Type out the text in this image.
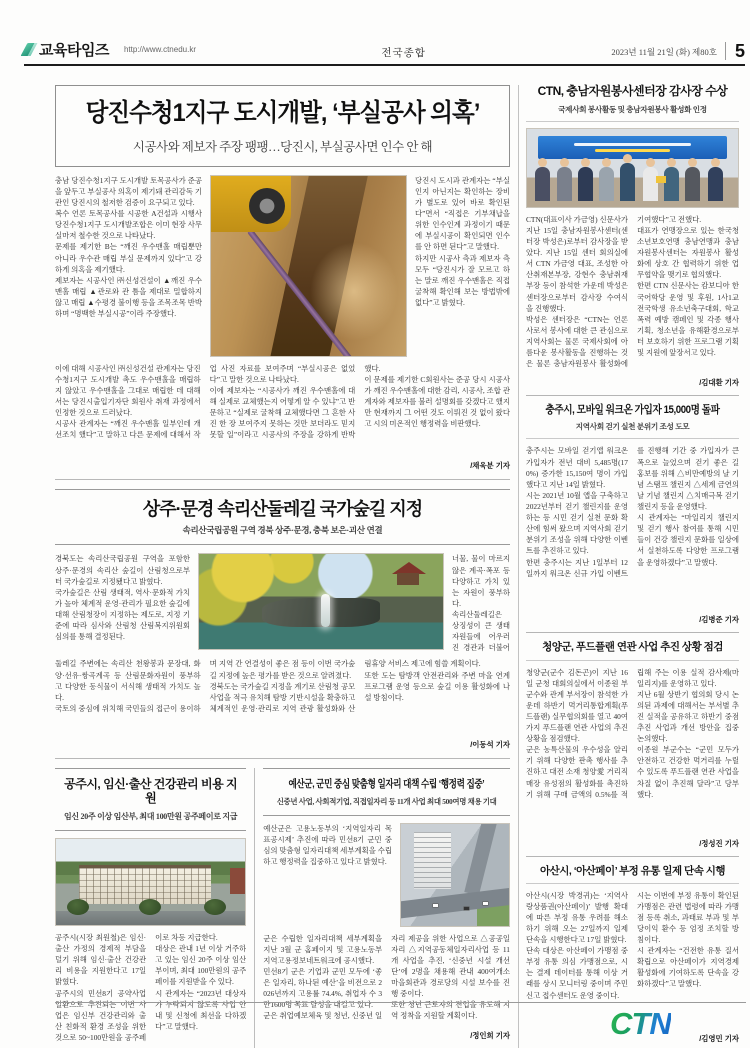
교육타임즈 http://www.ctnedu.kr	전국종합	2023년 11월 21일 (화) 제80호	5
당진수청1지구 도시개발, ‘부실공사 의혹’
시공사와 제보자 주장 팽팽…당진시, 부실공사면 인수 안 해
충남 당진수청1지구 도시개발 토목공사가 준공을 앞두고 부실공사 의혹이 제기돼 관리감독 기관인 당진시의 철저한 검증이 요구되고 있다.
복수 언론 토목공사를 시공한 A건설과 시행사 당진수청1지구 도시개발조합은 이미 현장 사무실마저 철수한 것으로 나타났다.
문제를 제기한 B는 “깨진 우수맨홀 매립뿐만 아니라 우수관 매립 부실 문제까지 있다”고 강하게 의혹을 제기했다.
제보자는 시공사인 ㈜신성건설이 ▲깨진 우수맨홀 매립 ▲관로와 관 틈을 제대로 밀합하지 않고 매립 ▲수평경 불이행 등을 조목조목 반박하며 “명백한 부실시공”이라 주장했다.
당진시 도시과 관계자는 “부실인지 아닌지는 확인하는 장비가 별도로 있어 바로 확인된다”면서 “직접은 기부채납을 위한 인수인계 과정이기 때문에 부실시공이 확인되면 인수를 안 하면 된다”고 말했다.
하지만 시공사 측과 제보자 측 모두 “당진시가 잘 모르고 하는 말로 깨진 우수맨홀은 직접 굴착해 확인해 보는 방법밖에 없다”고 밝혔다.
이에 대해 시공사인 ㈜신성건설 관계자는 당진수청1지구 도시개발 촉도 우수맨홀을 매립하지 않았고 우수맨홀을 그대로 매립한 데 대해서는 당진시출입기자단 회원사 취재 과정에서 인정한 것으로 드러났다.
시공사 관계자는 “깨진 우수맨홀 일부인데 개선조치 했다”고 말하고 다른 문제에 대해서 작업 사진 자료를 보여주며 “부실시공은 없었다”고 말한 것으로 나타났다.
이에 제보자는 “시공사가 깨진 우수맨홀에 대해 실제로 교체했는지 어떻게 알 수 있냐”고 반문하고 “실제로 굴착해 교체했다면 그 흔한 사진 한 장 보여주지 못하는 것만 보더라도 믿지 못할 일”이라고 시공사의 주장을 강하게 반박했다.
이 문제를 제기한 C회원사는 준공 당시 시공사가 깨진 우수맨홀에 대한 감리, 시공사, 조합 관계자와 제보자를 불러 설명회를 갖겠다고 했지만 현재까지 그 어떤 것도 이뤄진 것 없이 왔다고 시의 미온적인 행정력을 비판했다.
/채욱분 기자
상주·문경 속리산둘레길 국가숲길 지정
속리산국립공원 구역 경북 상주·문경, 충북 보은·괴산 연결
경북도는 속리산국립공원 구역을 포함한 상주·문경의 속리산 숲길이 산림청으로부터 국가숲길로 지정됐다고 밝혔다.
국가숲길은 산림 생태적, 역사·문화적 가치가 높아 체계적 운영·관리가 필요한 숲길에 대해 산림청장이 지정하는 제도로, 지정 기준에 따라 심사와 산림청 산림복지위원회 심의를 통해 결정된다.
너물, 물이 마르지 않은 계곡·폭포 등 다양하고 가치 있는 자원이 풍부하다.
속리산둘레길은 상징성이 큰 생태자원들에 어우러진 경관과 더불어
둘레길 주변에는 속리산 천왕봉과 문장대, 화양·선유·쌍곡계곡 등 산림문화자원이 풍부하고 다양한 동식물이 서식해 생태적 가치도 높다.
국토의 중심에 위치해 국민들의 접근이 용이하며 지역 간 연결성이 좋은 점 등이 이번 국가숲길 지정에 높은 평가를 받은 것으로 알려졌다.
경북도는 국가숲길 지정을 계기로 산림청 공모사업을 적극 유치해 탐방 기반시설을 확충하고 체계적인 운영·관리로 지역 관광 활성화와 산림휴양 서비스 제고에 힘쓸 계획이다.
또한 도는 탐방객 안전관리와 주변 마을 연계 프로그램 운영 등으로 숲길 이용 활성화에 나설 방침이다.
/이동석 기자
공주시, 임신·출산 건강관리 비용 지원
임신 20주 이상 임산부, 최대 100만원 공주페이로 지급
공주시(시장 최원철)은 임신·출산 가정의 경제적 부담을 덜기 위해 임신·출산 건강관리 비용을 지원한다고 17일 밝혔다.
공주시의 민선8기 공약사업 일환으로 추진되는 이번 사업은 임신부 건강관리와 출산 친화적 환경 조성을 위한 것으로 50~100만원을 공주페이로 차등 지급한다.
대상은 관내 1년 이상 거주하고 있는 임신 20주 이상 임산부이며, 최대 100만원의 공주페이를 지원받을 수 있다.
시 관계자는 “2023년 대상자가 누락되지 않도록 사업 안내 및 신청에 최선을 다하겠다”고 말했다.
예산군, 군민 중심 맞춤형 일자리 대책 수립 ‘행정력 집중’
신중년 사업, 사회적기업, 직접일자리 등 11개 사업 최대 500여명 채용 기대
예산군은 고용노동부의 ‘지역일자리 목표공시제’ 추진에 따라 민선8기 군민 중심의 맞춤형 일자리대책 세부계획을 수립하고 행정력을 집중하고 있다고 밝혔다.
군은 수립한 일자리대책 세부계획을 지난 3월 군 홈페이지 및 고용노동부 지역고용정보네트워크에 공시했다.
민선8기 군은 기업과 군민 모두에 ‘좋은 일자리, 하나된 예산’을 비전으로 2026년까지 고용률 74.4%, 취업자 수 3만1600명 목표 달성을 내걸고 있다.
군은 취업예보체육 및 청년, 신중년 일자리 제공을 위한 사업으로 △공공일자리 △지역공동체일자리사업 등 11개 사업을 추진, ‘신중년 시설 개선단’에 2명을 채용해 관내 400여개소 마을회관과 경로당의 시설 보수를 진행 중이다.
또한 청년 근로자의 전입을 유도해 지역 정착을 지원할 계획이다.
/정인희 기자
CTN, 충남자원봉사센터장 감사장 수상
국제사회 봉사활동 및 충남자원봉사 활성화 인정
CTN(대표이사 가금영) 신문사가 지난 15일 충남자원봉사센터(센터장 박성은)로부터 감사장을 받았다. 지난 15일 센터 회의실에서 CTN 가금영 대표, 조성한 아산취재본부장, 강현수 충남취재부장 등이 참석한 가운데 박성은 센터장으로부터 감사장 수여식을 진행했다.
박성은 센터장은 “CTN는 언론사로서 봉사에 대한 큰 관심으로 지역사회는 물론 국제사회에 아름다운 봉사활동을 진행하는 것은 물론 충남자원봉사 활성화에 기여했다”고 전했다.
대표가 연맹장으로 있는 한국청소년보호연맹 충남연맹과 충남자원봉사센터는 자원봉사 활성화에 상호 간 협력하기 위한 업무협약을 맺기로 협의했다.
한편 CTN 신문사는 캄보디아 한국어학당 운영 및 후원, 1사1교 전국학생 유소년축구대회, 학교폭력 예방 캠페인 및 각종 행사 기획, 청소년을 유해환경으로부터 보호하기 위한 프로그램 기획 및 지원에 앞장서고 있다.
/김대환 기자
충주시, 모바일 워크온 가입자 15,000명 돌파
지역사회 걷기 실천 분위기 조성 도모
충주시는 모바일 걷기앱 워크온 가입자가 전년 대비 5,485명(170%) 증가한 15,150여 명이 가입했다고 지난 14일 밝혔다.
시는 2021년 10월 앱을 구축하고 2022년부터 걷기 챌린지를 운영하는 등 시민 걷기 실천 문화 확산에 힘써 왔으며 지역사회 걷기 분위기 조성을 위해 다양한 이벤트를 추진하고 있다.
한편 충주시는 지난 1일부터 12일까지 워크온 신규 가입 이벤트를 진행해 기간 중 가입자가 큰 폭으로 늘었으며 걷기 좋은 길 홍보를 위해 △비만예방의 날 기념 스탬프 챌린지 △세계 금연의 날 기념 챌린지 △치매극복 걷기 챌린지 등을 운영했다.
시 관계자는 “마일리지 챌린지 및 걷기 행사 참여를 통해 시민들이 건강 챌린지 문화를 일상에서 실천하도록 다양한 프로그램을 운영하겠다”고 말했다.
/김병준 기자
청양군, 푸드플랜 연관 사업 추진 상황 점검
청양군(군수 김돈곤)이 지난 16일 군청 대회의실에서 이종원 부군수와 관계 부서장이 참석한 가운데 하반기 먹거리통합계획(푸드플랜) 실무협의회를 열고 40여 가지 푸드플랜 연관 사업의 추진 상황을 점검했다.
군은 농특산물의 우수성을 알리기 위해 다양한 판촉 행사를 추진하고 대전 소재 청양愛 거리직매장 유성점의 활성화를 촉진하기 위해 구매 금액의 0.5%를 적립해 주는 이용 실적 감사제(마일리지)를 운영하고 있다.
지난 6월 상반기 협의회 당시 논의된 과제에 대해서는 부서별 추진 실적을 공유하고 하반기 중점 추진 사업과 개선 방안을 집중 논의했다.
이종원 부군수는 “군민 모두가 안전하고 건강한 먹거리를 누릴 수 있도록 푸드플랜 연관 사업을 차질 없이 추진해 달라”고 당부했다.
/정성진 기자
아산시, ‘아산페이’ 부정 유통 일제 단속 시행
아산시(시장 박경귀)는 ‘지역사랑상품권(아산페이)’ 발행 확대에 따른 부정 유통 우려를 해소하기 위해 오는 27일까지 일제 단속을 시행한다고 17일 밝혔다.
단속 대상은 아산페이 가맹점 중 부정 유통 의심 가맹점으로, 시는 결제 데이터를 통해 이상 거래를 상시 모니터링 중이며 주민신고 접수센터도 운영 중이다.
시는 이번에 부정 유통이 확인된 가맹점은 관련 법령에 따라 가맹점 등록 취소, 과태료 부과 및 부당이익 환수 등 엄정 조치할 방침이다.
시 관계자는 “건전한 유통 질서 확립으로 아산페이가 지역경제 활성화에 기여하도록 단속을 강화하겠다”고 말했다.
/김영민 기자
CTN
